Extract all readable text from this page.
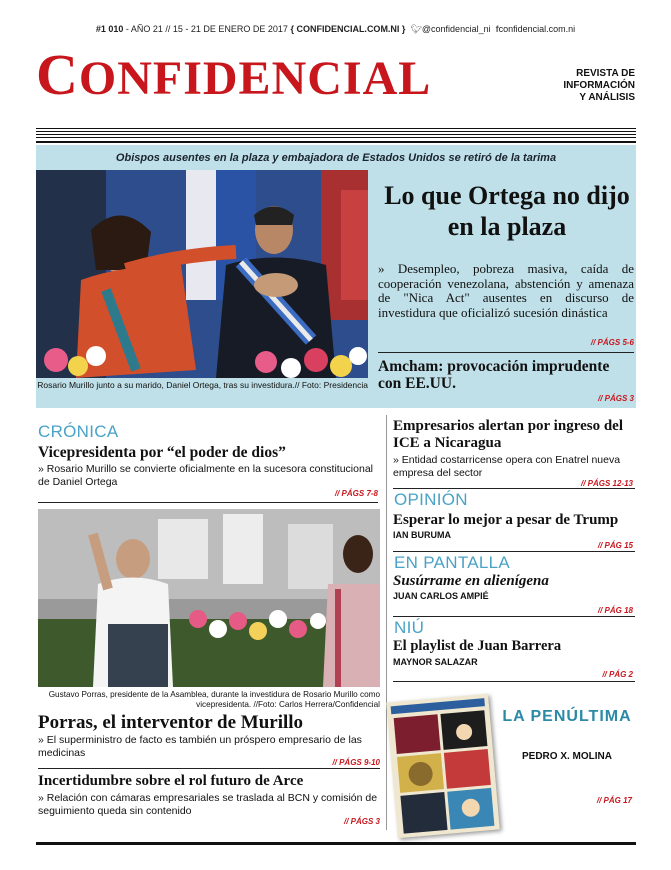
#1 010 - AÑO 21 // 15 - 21 DE ENERO DE 2017 { CONFIDENCIAL.COM.NI } 🐦︎@confidencial_ni fconfidencial.com.ni
CONFIDENCIAL	REVISTA DE INFORMACIÓN Y ANÁLISIS
Obispos ausentes en la plaza y embajadora de Estados Unidos se retiró de la tarima
Rosario Murillo junto a su marido, Daniel Ortega, tras su investidura.// Foto: Presidencia
Lo que Ortega no dijo en la plaza
» Desempleo, pobreza masiva, caída de cooperación venezolana, abstención y amenaza de "Nica Act" ausentes en discurso de investidura que oficializó sucesión dinástica
// PÁGS 5-6
Amcham: provocación imprudente con EE.UU.
// PÁGS 3
CRÓNICA
Vicepresidenta por “el poder de dios”
» Rosario Murillo se convierte oficialmente en la sucesora constitucional de Daniel Ortega
// PÁGS 7-8
Gustavo Porras, presidente de la Asamblea, durante la investidura de Rosario Murillo como vicepresidenta. //Foto: Carlos Herrera/Confidencial
Porras, el interventor de Murillo
» El superministro de facto es también un próspero empresario de las medicinas
// PÁGS 9-10
Incertidumbre sobre el rol futuro de Arce
» Relación con cámaras empresariales se traslada al BCN y comisión de seguimiento queda sin contenido
// PÁGS 3
Empresarios alertan por ingreso del ICE a Nicaragua
» Entidad costarricense opera con Enatrel nueva empresa del sector
// PÁGS 12-13
OPINIÓN
Esperar lo mejor a pesar de Trump
IAN BURUMA
// PÁG 15
EN PANTALLA
Susúrrame en alienígena
JUAN CARLOS AMPIÉ
// PÁG 18
NIÚ
El playlist de Juan Barrera
MAYNOR SALAZAR
// PÁG 2
LA PENÚLTIMA
PEDRO X. MOLINA
// PÁG 17
